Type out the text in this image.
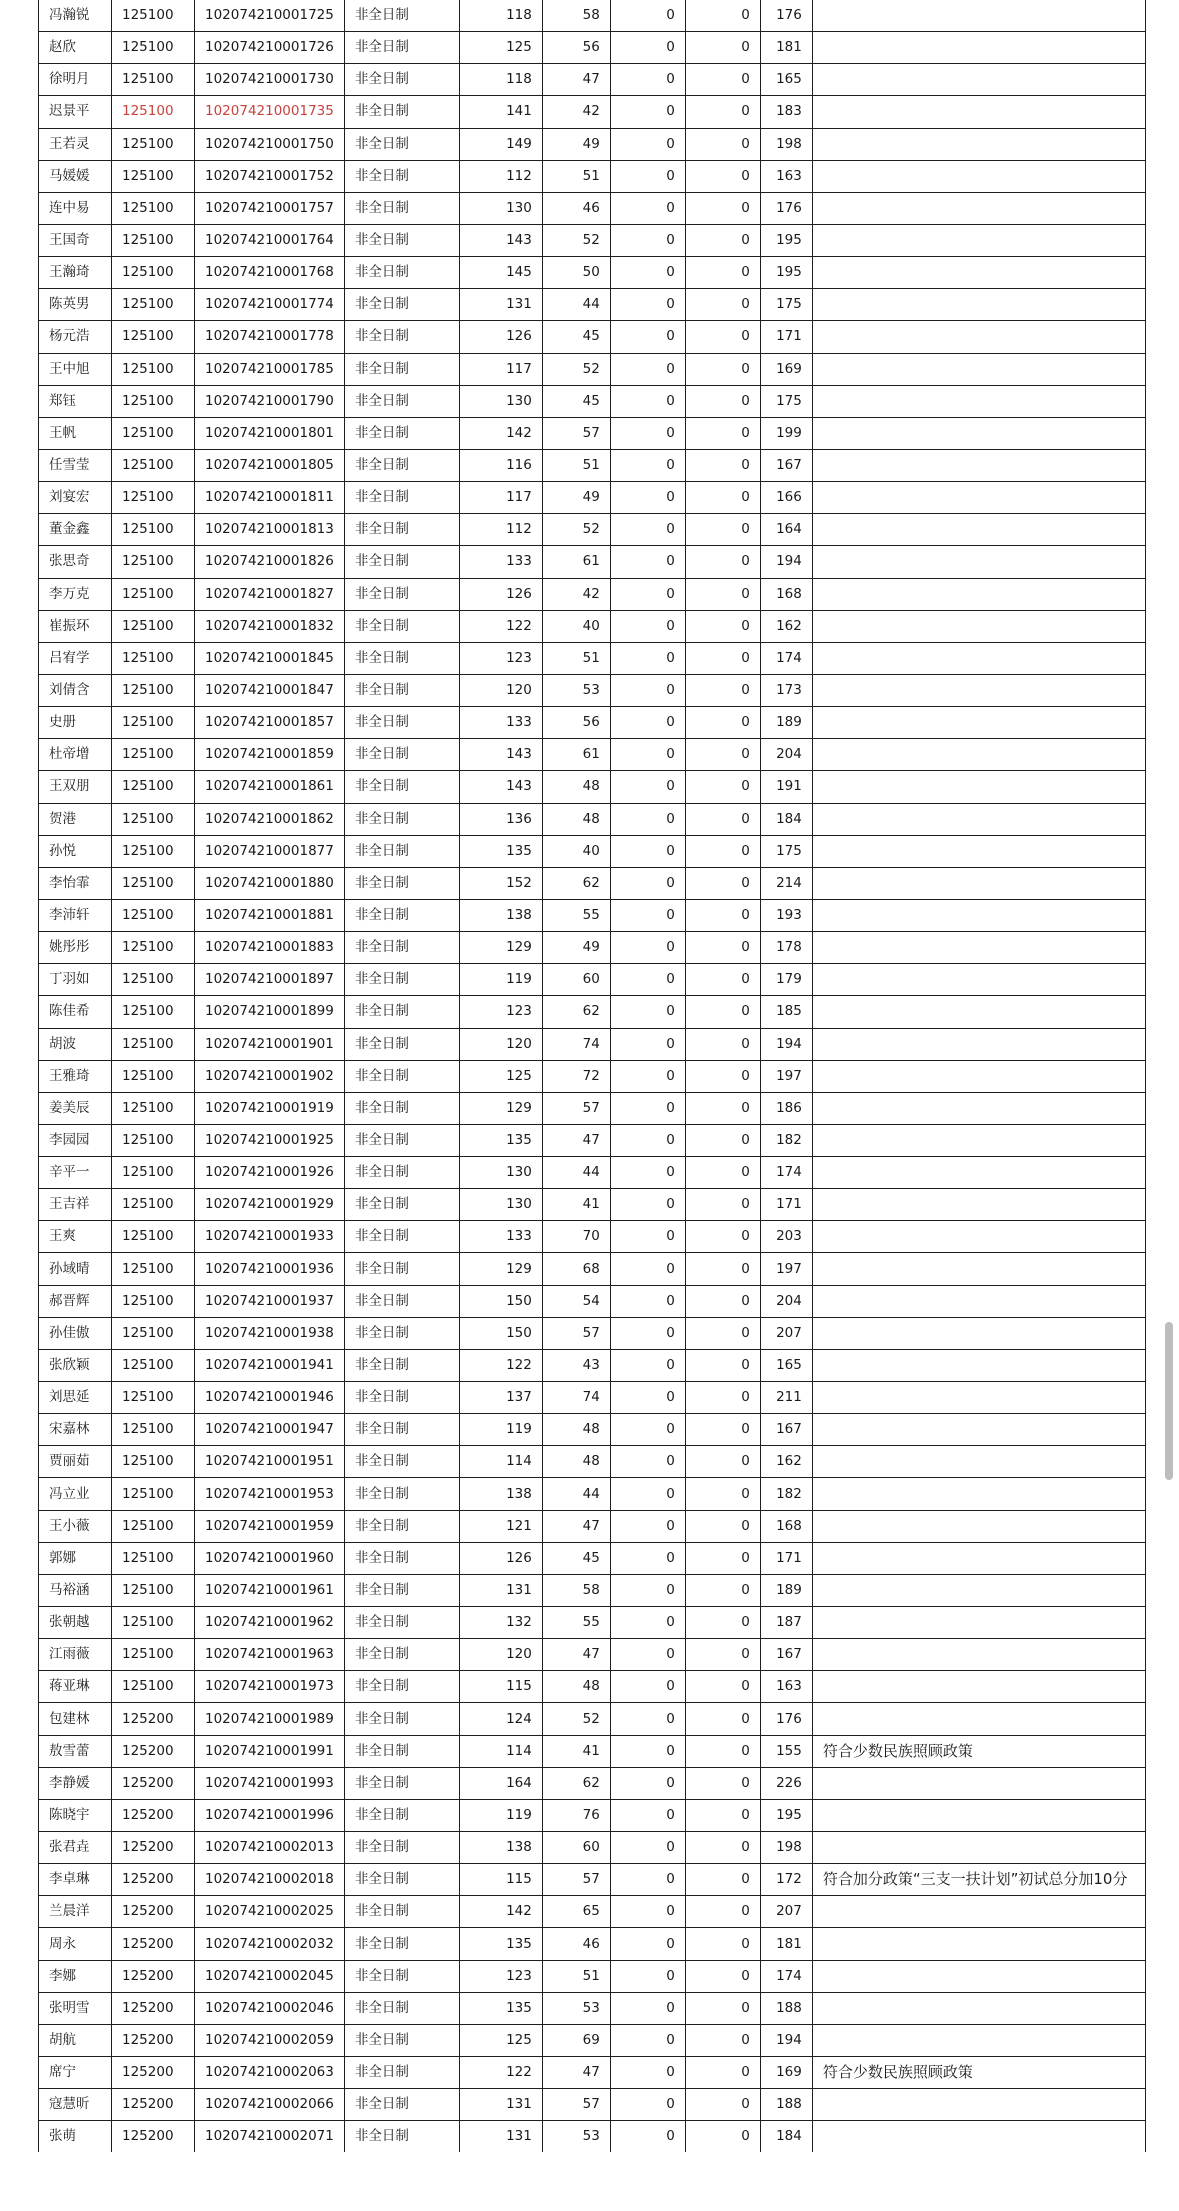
冯瀚锐	125100	102074210001725	非全日制	118	58	0	0	176	
赵欣	125100	102074210001726	非全日制	125	56	0	0	181	
徐明月	125100	102074210001730	非全日制	118	47	0	0	165	
迟景平	125100	102074210001735	非全日制	141	42	0	0	183	
王若灵	125100	102074210001750	非全日制	149	49	0	0	198	
马媛媛	125100	102074210001752	非全日制	112	51	0	0	163	
连中易	125100	102074210001757	非全日制	130	46	0	0	176	
王国奇	125100	102074210001764	非全日制	143	52	0	0	195	
王瀚琦	125100	102074210001768	非全日制	145	50	0	0	195	
陈英男	125100	102074210001774	非全日制	131	44	0	0	175	
杨元浩	125100	102074210001778	非全日制	126	45	0	0	171	
王中旭	125100	102074210001785	非全日制	117	52	0	0	169	
郑钰	125100	102074210001790	非全日制	130	45	0	0	175	
王帆	125100	102074210001801	非全日制	142	57	0	0	199	
任雪莹	125100	102074210001805	非全日制	116	51	0	0	167	
刘宴宏	125100	102074210001811	非全日制	117	49	0	0	166	
董金鑫	125100	102074210001813	非全日制	112	52	0	0	164	
张思奇	125100	102074210001826	非全日制	133	61	0	0	194	
李万克	125100	102074210001827	非全日制	126	42	0	0	168	
崔振环	125100	102074210001832	非全日制	122	40	0	0	162	
吕宥学	125100	102074210001845	非全日制	123	51	0	0	174	
刘倩含	125100	102074210001847	非全日制	120	53	0	0	173	
史册	125100	102074210001857	非全日制	133	56	0	0	189	
杜帝增	125100	102074210001859	非全日制	143	61	0	0	204	
王双朋	125100	102074210001861	非全日制	143	48	0	0	191	
贺港	125100	102074210001862	非全日制	136	48	0	0	184	
孙悦	125100	102074210001877	非全日制	135	40	0	0	175	
李怡霏	125100	102074210001880	非全日制	152	62	0	0	214	
李沛轩	125100	102074210001881	非全日制	138	55	0	0	193	
姚彤彤	125100	102074210001883	非全日制	129	49	0	0	178	
丁羽如	125100	102074210001897	非全日制	119	60	0	0	179	
陈佳希	125100	102074210001899	非全日制	123	62	0	0	185	
胡波	125100	102074210001901	非全日制	120	74	0	0	194	
王雅琦	125100	102074210001902	非全日制	125	72	0	0	197	
姜美辰	125100	102074210001919	非全日制	129	57	0	0	186	
李园园	125100	102074210001925	非全日制	135	47	0	0	182	
辛平一	125100	102074210001926	非全日制	130	44	0	0	174	
王吉祥	125100	102074210001929	非全日制	130	41	0	0	171	
王爽	125100	102074210001933	非全日制	133	70	0	0	203	
孙域晴	125100	102074210001936	非全日制	129	68	0	0	197	
郝晋辉	125100	102074210001937	非全日制	150	54	0	0	204	
孙佳傲	125100	102074210001938	非全日制	150	57	0	0	207	
张欣颖	125100	102074210001941	非全日制	122	43	0	0	165	
刘思延	125100	102074210001946	非全日制	137	74	0	0	211	
宋嘉林	125100	102074210001947	非全日制	119	48	0	0	167	
贾丽茹	125100	102074210001951	非全日制	114	48	0	0	162	
冯立业	125100	102074210001953	非全日制	138	44	0	0	182	
王小薇	125100	102074210001959	非全日制	121	47	0	0	168	
郭娜	125100	102074210001960	非全日制	126	45	0	0	171	
马裕涵	125100	102074210001961	非全日制	131	58	0	0	189	
张朝越	125100	102074210001962	非全日制	132	55	0	0	187	
江雨薇	125100	102074210001963	非全日制	120	47	0	0	167	
蒋亚琳	125100	102074210001973	非全日制	115	48	0	0	163	
包建林	125200	102074210001989	非全日制	124	52	0	0	176	
敖雪蕾	125200	102074210001991	非全日制	114	41	0	0	155	符合少数民族照顾政策
李静媛	125200	102074210001993	非全日制	164	62	0	0	226	
陈晓宇	125200	102074210001996	非全日制	119	76	0	0	195	
张君垚	125200	102074210002013	非全日制	138	60	0	0	198	
李卓琳	125200	102074210002018	非全日制	115	57	0	0	172	符合加分政策“三支一扶计划”初试总分加10分
兰晨洋	125200	102074210002025	非全日制	142	65	0	0	207	
周永	125200	102074210002032	非全日制	135	46	0	0	181	
李娜	125200	102074210002045	非全日制	123	51	0	0	174	
张明雪	125200	102074210002046	非全日制	135	53	0	0	188	
胡航	125200	102074210002059	非全日制	125	69	0	0	194	
席宁	125200	102074210002063	非全日制	122	47	0	0	169	符合少数民族照顾政策
寇慧昕	125200	102074210002066	非全日制	131	57	0	0	188	
张萌	125200	102074210002071	非全日制	131	53	0	0	184	
